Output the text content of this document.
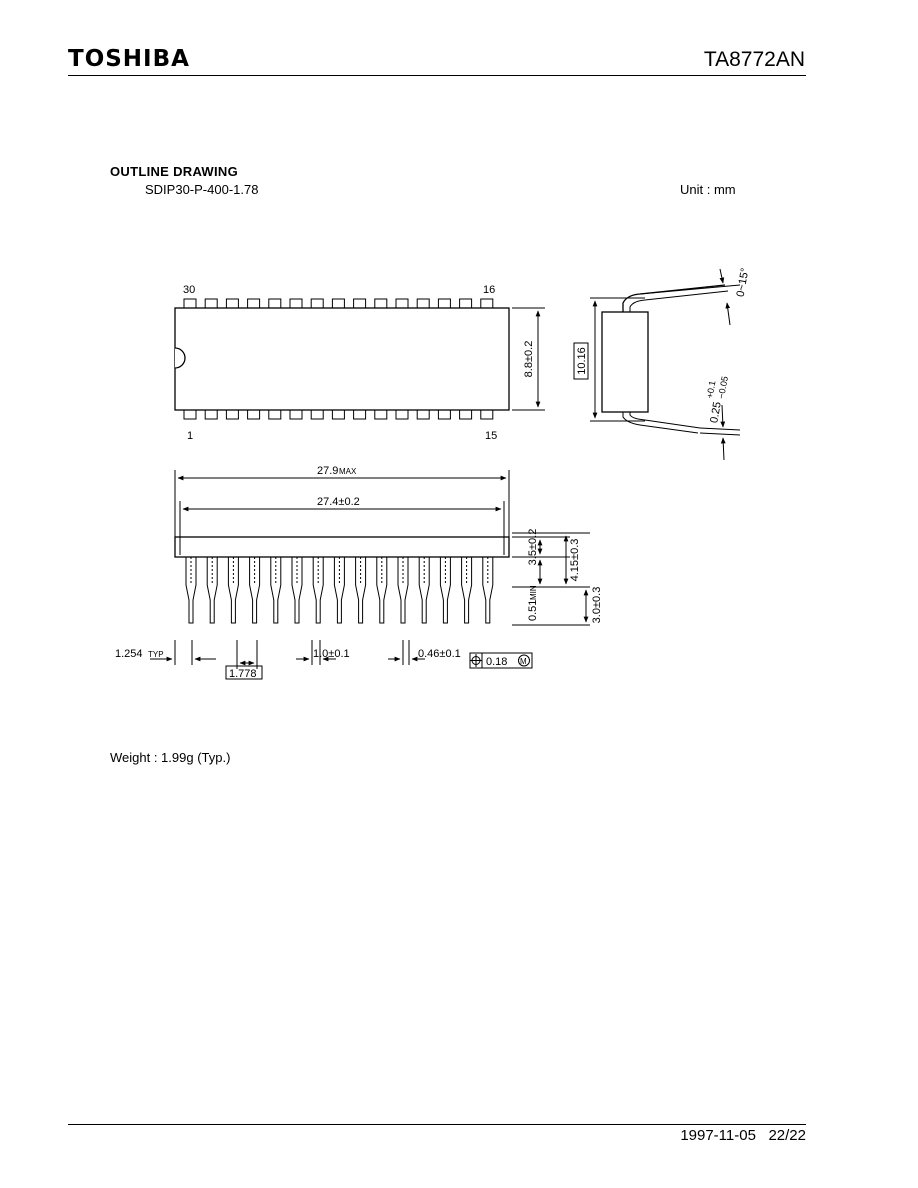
TOSHIBA	TA8772AN
OUTLINE DRAWING
SDIP30-P-400-1.78	Unit : mm
30	16
1	15
8.8±0.2	10.16
0~15°
0.25
+0.1
−0.05
27.9 MAX
27.4±0.2
3.5±0.2	4.15±0.3
0.51
MIN	3.0±0.3
1.254 TYP
1.778
1.0±0.1	0.46±0.1
0.18 M
Weight : 1.99g (Typ.)
1997-11-05 22/22
